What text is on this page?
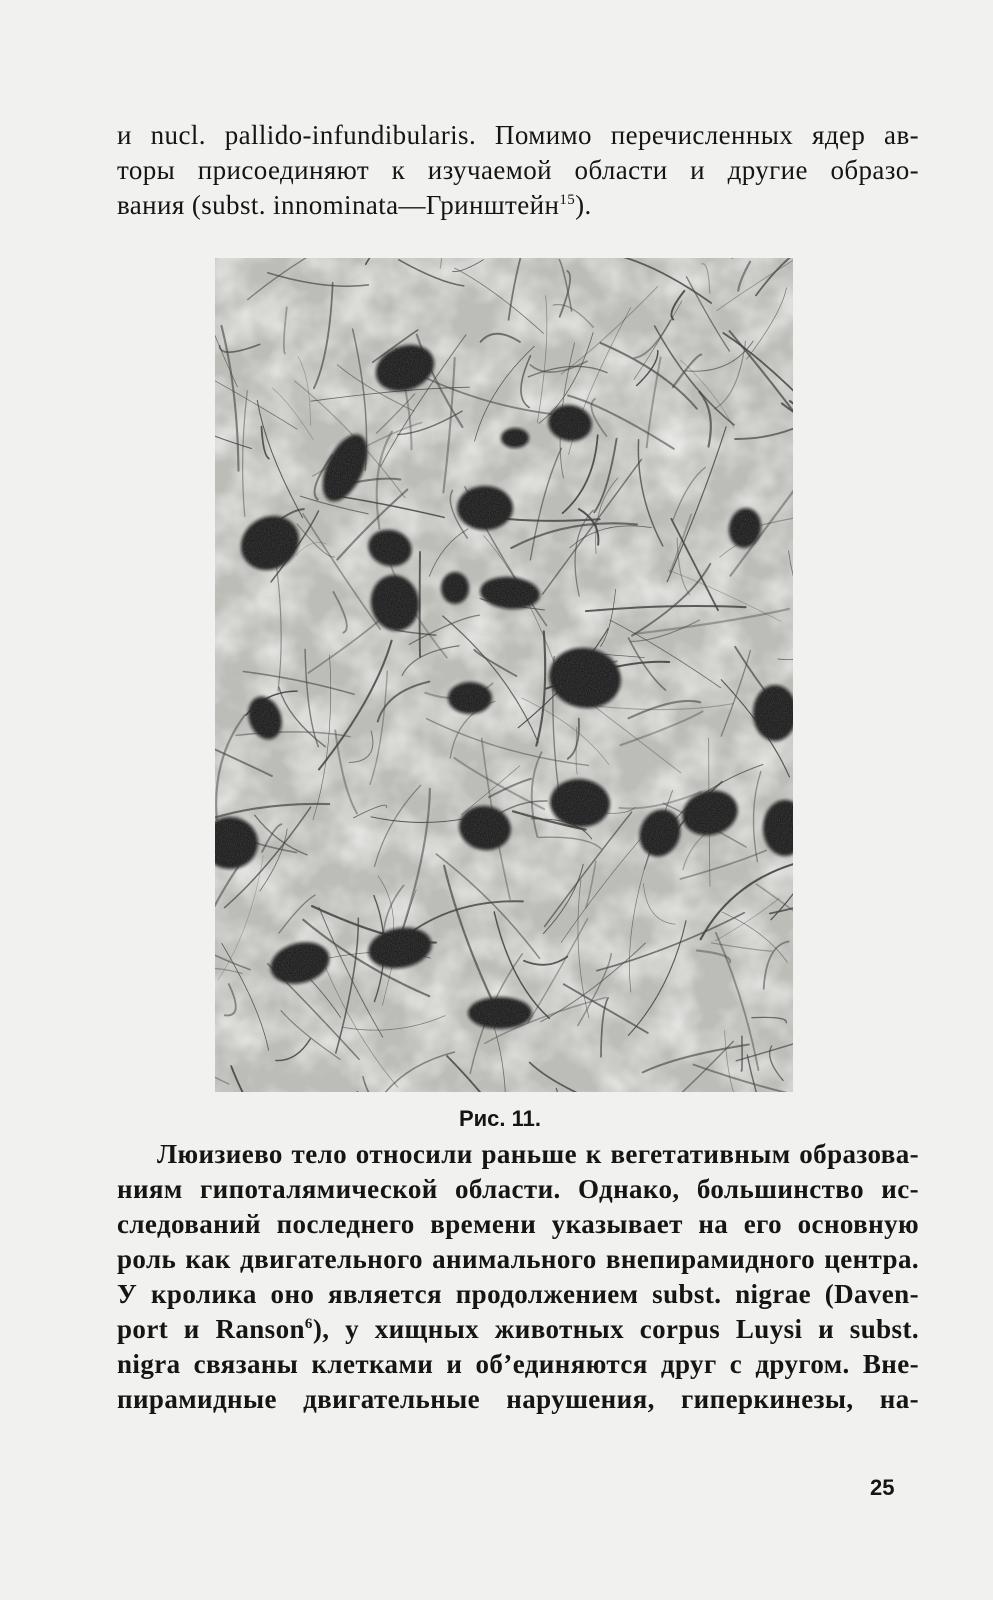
и nucl. pallido-infundibularis. Помимо перечисленных ядер ав-
торы присоединяют к изучаемой области и другие образо-
вания (subst. innominata—Гринштейн$^{15}$).
Рис. 11.
Люизиево тело относили раньше к вегетативным образова-
ниям гипоталямической области. Однако, большинство ис-
следований последнего времени указывает на его основную
роль как двигательного анимального внепирамидного центра.
У кролика оно является продолжением subst. nigrae (Daven-
port и Ranson$^6$), у хищных животных corpus Luysi и subst.
nigra связаны клетками и об’единяются друг с другом. Вне-
пирамидные двигательные нарушения, гиперкинезы, на-
25
